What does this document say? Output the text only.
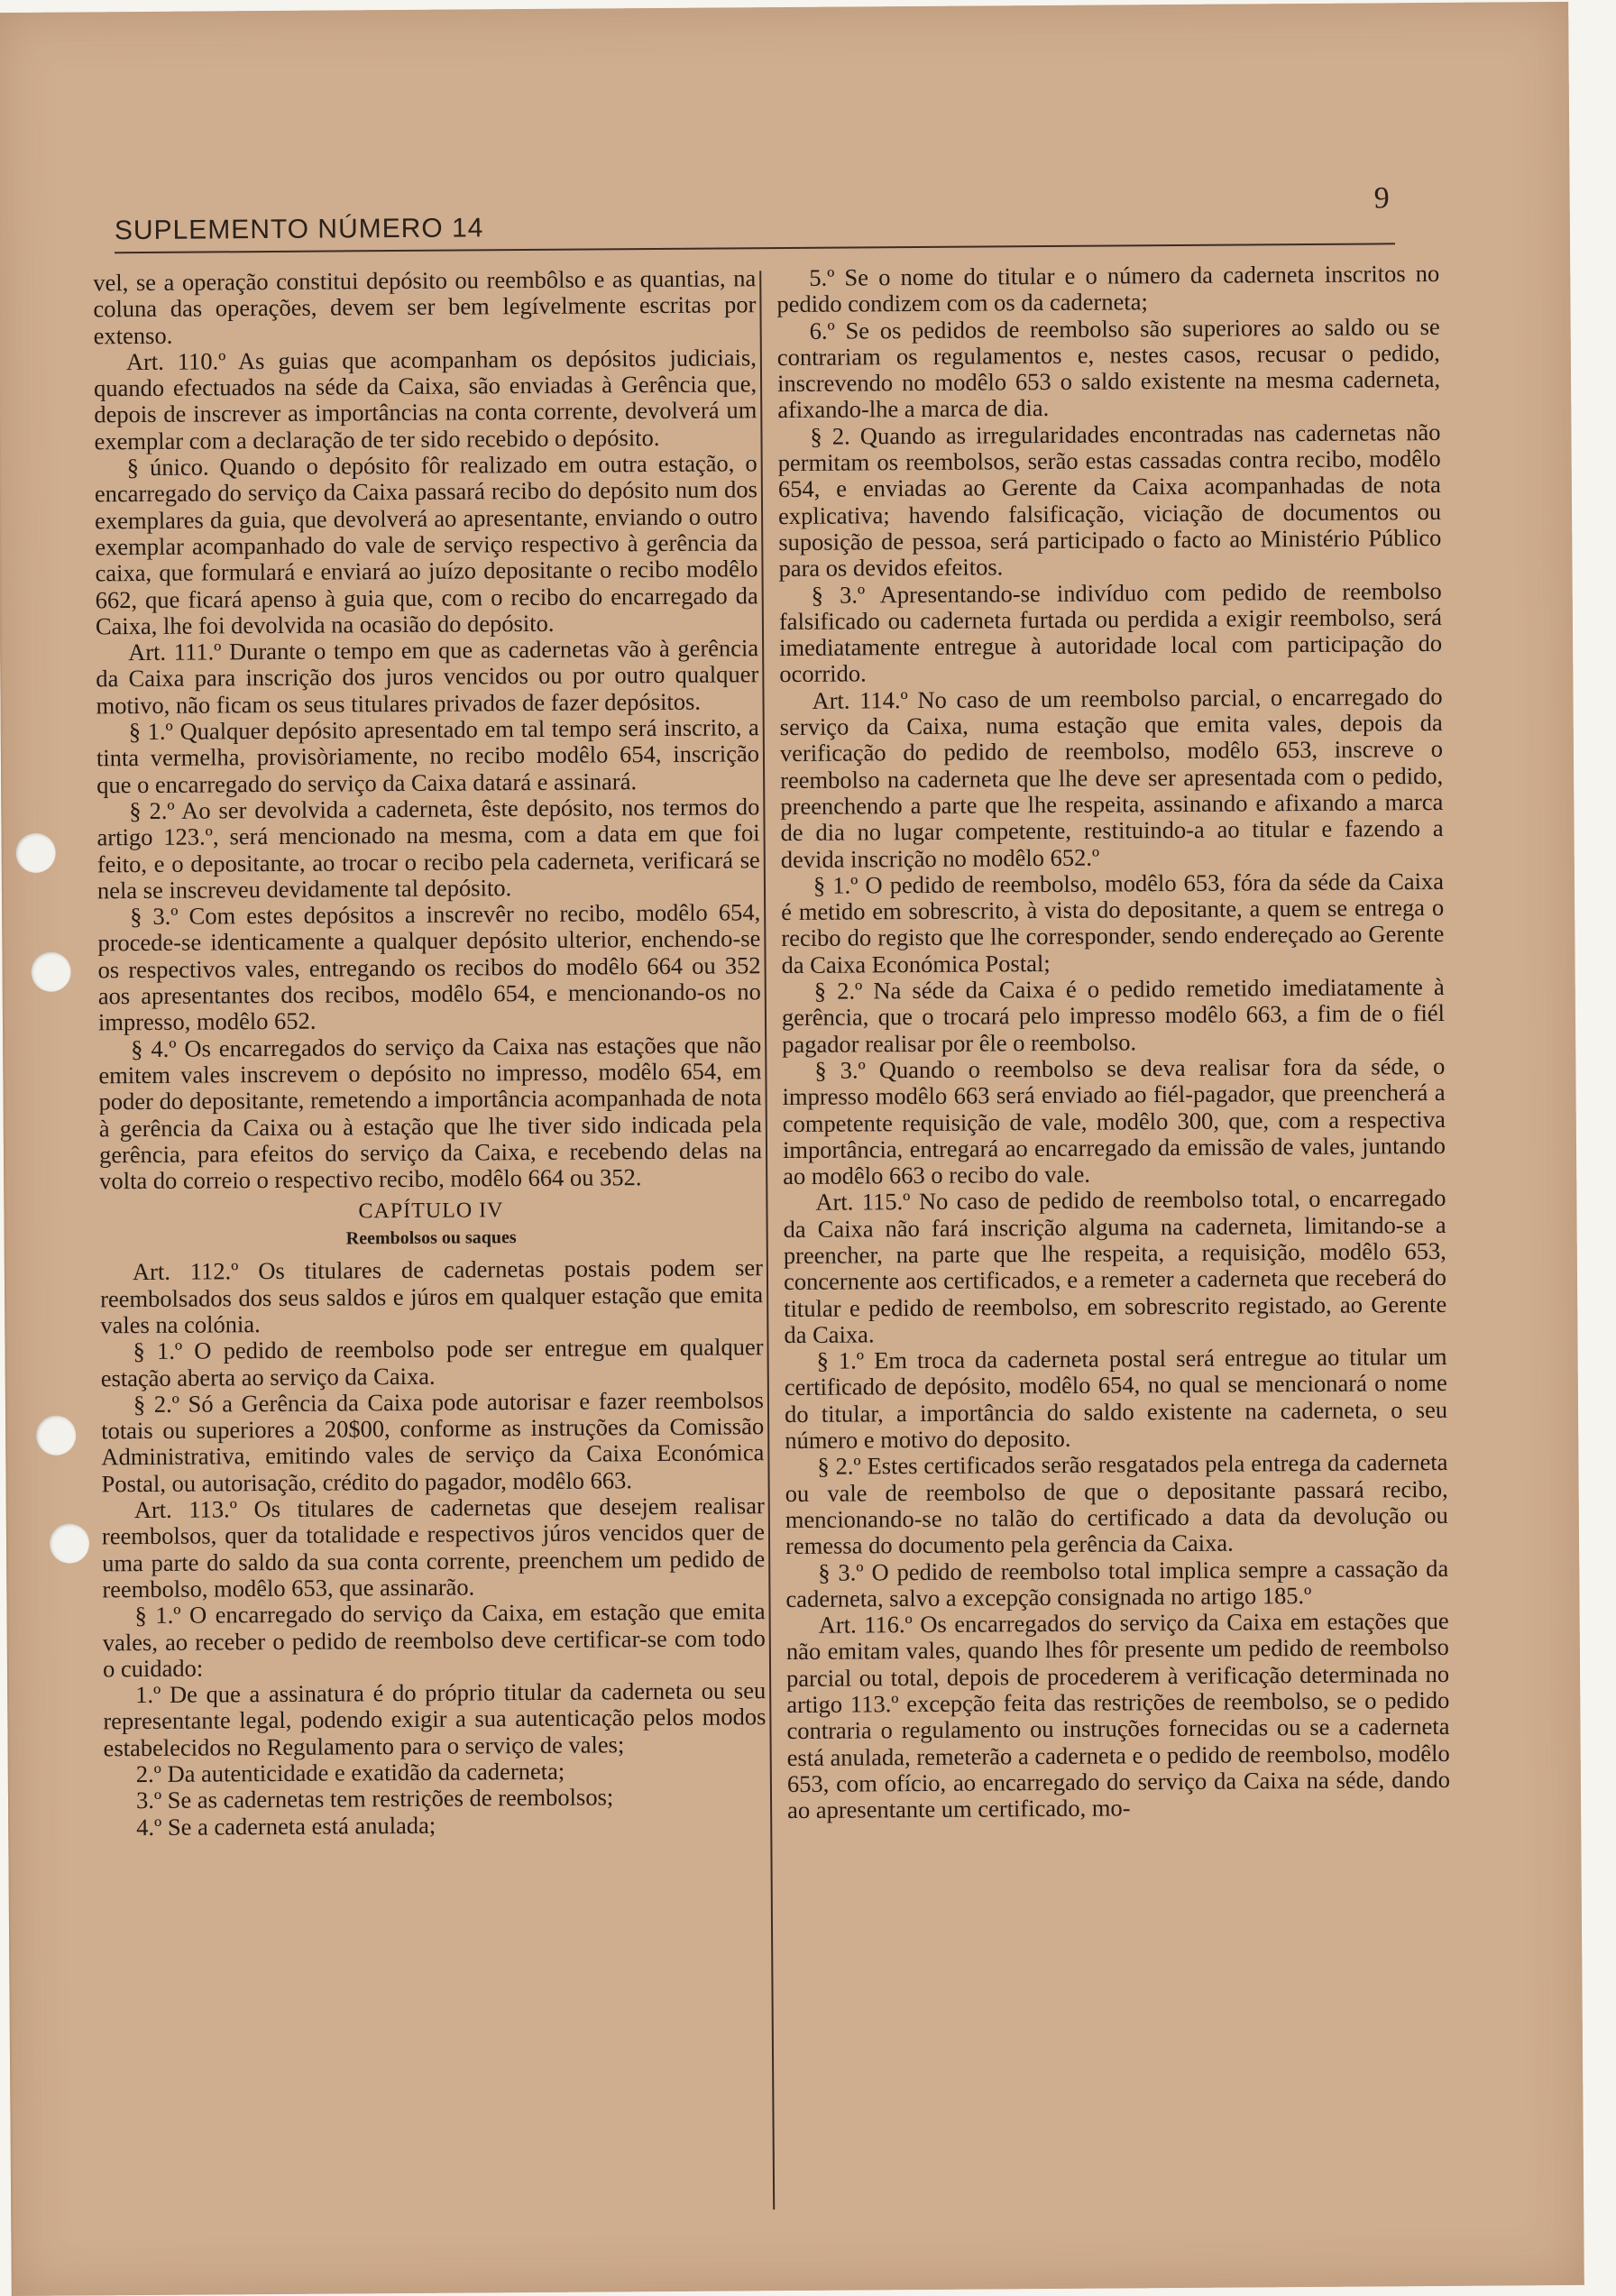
SUPLEMENTO NÚMERO 14
9

vel, se a operação constitui depósito ou reembôlso e as quantias, na coluna das operações, devem ser bem legívelmente escritas por extenso.

Art. 110.º As guias que acompanham os depósitos judiciais, quando efectuados na séde da Caixa, são enviadas à Gerência que, depois de inscrever as importâncias na conta corrente, devolverá um exemplar com a declaração de ter sido recebido o depósito.

§ único. Quando o depósito fôr realizado em outra estação, o encarregado do serviço da Caixa passará recibo do depósito num dos exemplares da guia, que devolverá ao apresentante, enviando o outro exemplar acompanhado do vale de serviço respectivo à gerência da caixa, que formulará e enviará ao juízo depositante o recibo modêlo 662, que ficará apenso à guia que, com o recibo do encarregado da Caixa, lhe foi devolvida na ocasião do depósito.

Art. 111.º Durante o tempo em que as cadernetas vão à gerência da Caixa para inscrição dos juros vencidos ou por outro qualquer motivo, não ficam os seus titulares privados de fazer depósitos.

§ 1.º Qualquer depósito apresentado em tal tempo será inscrito, a tinta vermelha, provisòriamente, no recibo modêlo 654, inscrição que o encarregado do serviço da Caixa datará e assinará.

§ 2.º Ao ser devolvida a caderneta, êste depósito, nos termos do artigo 123.º, será mencionado na mesma, com a data em que foi feito, e o depositante, ao trocar o recibo pela caderneta, verificará se nela se inscreveu devidamente tal depósito.

§ 3.º Com estes depósitos a inscrevêr no recibo, modêlo 654, procede-se identicamente a qualquer depósito ulterior, enchendo-se os respectivos vales, entregando os recibos do modêlo 664 ou 352 aos apresentantes dos recibos, modêlo 654, e mencionando-os no impresso, modêlo 652.

§ 4.º Os encarregados do serviço da Caixa nas estações que não emitem vales inscrevem o depósito no impresso, modêlo 654, em poder do depositante, remetendo a importância acompanhada de nota à gerência da Caixa ou à estação que lhe tiver sido indicada pela gerência, para efeitos do serviço da Caixa, e recebendo delas na volta do correio o respectivo recibo, modêlo 664 ou 352.

CAPÍTULO IV

Reembolsos ou saques

Art. 112.º Os titulares de cadernetas postais podem ser reembolsados dos seus saldos e júros em qualquer estação que emita vales na colónia.

§ 1.º O pedido de reembolso pode ser entregue em qualquer estação aberta ao serviço da Caixa.

§ 2.º Só a Gerência da Caixa pode autorisar e fazer reembolsos totais ou superiores a 20$00, conforme as instruções da Comissão Administrativa, emitindo vales de serviço da Caixa Económica Postal, ou autorisação, crédito do pagador, modêlo 663.

Art. 113.º Os titulares de cadernetas que desejem realisar reembolsos, quer da totalidade e respectivos júros vencidos quer de uma parte do saldo da sua conta corrente, preenchem um pedido de reembolso, modêlo 653, que assinarão.

§ 1.º O encarregado do serviço da Caixa, em estação que emita vales, ao receber o pedido de reembolso deve certificar-se com todo o cuidado:

1.º De que a assinatura é do próprio titular da caderneta ou seu representante legal, podendo exigir a sua autenticação pelos modos estabelecidos no Regulamento para o serviço de vales;

2.º Da autenticidade e exatidão da caderneta;

3.º Se as cadernetas tem restrições de reembolsos;

4.º Se a caderneta está anulada;

5.º Se o nome do titular e o número da caderneta inscritos no pedido condizem com os da caderneta;

6.º Se os pedidos de reembolso são superiores ao saldo ou se contrariam os regulamentos e, nestes casos, recusar o pedido, inscrevendo no modêlo 653 o saldo existente na mesma caderneta, afixando-lhe a marca de dia.

§ 2. Quando as irregularidades encontradas nas cadernetas não permitam os reembolsos, serão estas cassadas contra recibo, modêlo 654, e enviadas ao Gerente da Caixa acompanhadas de nota explicativa; havendo falsificação, viciação de documentos ou suposição de pessoa, será participado o facto ao Ministério Público para os devidos efeitos.

§ 3.º Apresentando-se indivíduo com pedido de reembolso falsificado ou caderneta furtada ou perdida a exigir reembolso, será imediatamente entregue à autoridade local com participação do ocorrido.

Art. 114.º No caso de um reembolso parcial, o encarregado do serviço da Caixa, numa estação que emita vales, depois da verificação do pedido de reembolso, modêlo 653, inscreve o reembolso na caderneta que lhe deve ser apresentada com o pedido, preenchendo a parte que lhe respeita, assinando e afixando a marca de dia no lugar competente, restituindo-a ao titular e fazendo a devida inscrição no modêlo 652.º

§ 1.º O pedido de reembolso, modêlo 653, fóra da séde da Caixa é metido em sobrescrito, à vista do depositante, a quem se entrega o recibo do registo que lhe corresponder, sendo endereçado ao Gerente da Caixa Económica Postal;

§ 2.º Na séde da Caixa é o pedido remetido imediatamente à gerência, que o trocará pelo impresso modêlo 663, a fim de o fiél pagador realisar por êle o reembolso.

§ 3.º Quando o reembolso se deva realisar fora da séde, o impresso modêlo 663 será enviado ao fiél-pagador, que preencherá a competente requisição de vale, modêlo 300, que, com a respectiva importância, entregará ao encarregado da emissão de vales, juntando ao modêlo 663 o recibo do vale.

Art. 115.º No caso de pedido de reembolso total, o encarregado da Caixa não fará inscrição alguma na caderneta, limitando-se a preencher, na parte que lhe respeita, a requisição, modêlo 653, concernente aos certificados, e a remeter a caderneta que receberá do titular e pedido de reembolso, em sobrescrito registado, ao Gerente da Caixa.

§ 1.º Em troca da caderneta postal será entregue ao titular um certificado de depósito, modêlo 654, no qual se mencionará o nome do titular, a importância do saldo existente na caderneta, o seu número e motivo do deposito.

§ 2.º Estes certificados serão resgatados pela entrega da caderneta ou vale de reembolso de que o depositante passará recibo, mencionando-se no talão do certificado a data da devolução ou remessa do documento pela gerência da Caixa.

§ 3.º O pedido de reembolso total implica sempre a cassação da caderneta, salvo a excepção consignada no artigo 185.º

Art. 116.º Os encarregados do serviço da Caixa em estações que não emitam vales, quando lhes fôr presente um pedido de reembolso parcial ou total, depois de procederem à verificação determinada no artigo 113.º excepção feita das restrições de reembolso, se o pedido contraria o regulamento ou instruções fornecidas ou se a caderneta está anulada, remeterão a caderneta e o pedido de reembolso, modêlo 653, com ofício, ao encarregado do serviço da Caixa na séde, dando ao apresentante um certificado, mo-
